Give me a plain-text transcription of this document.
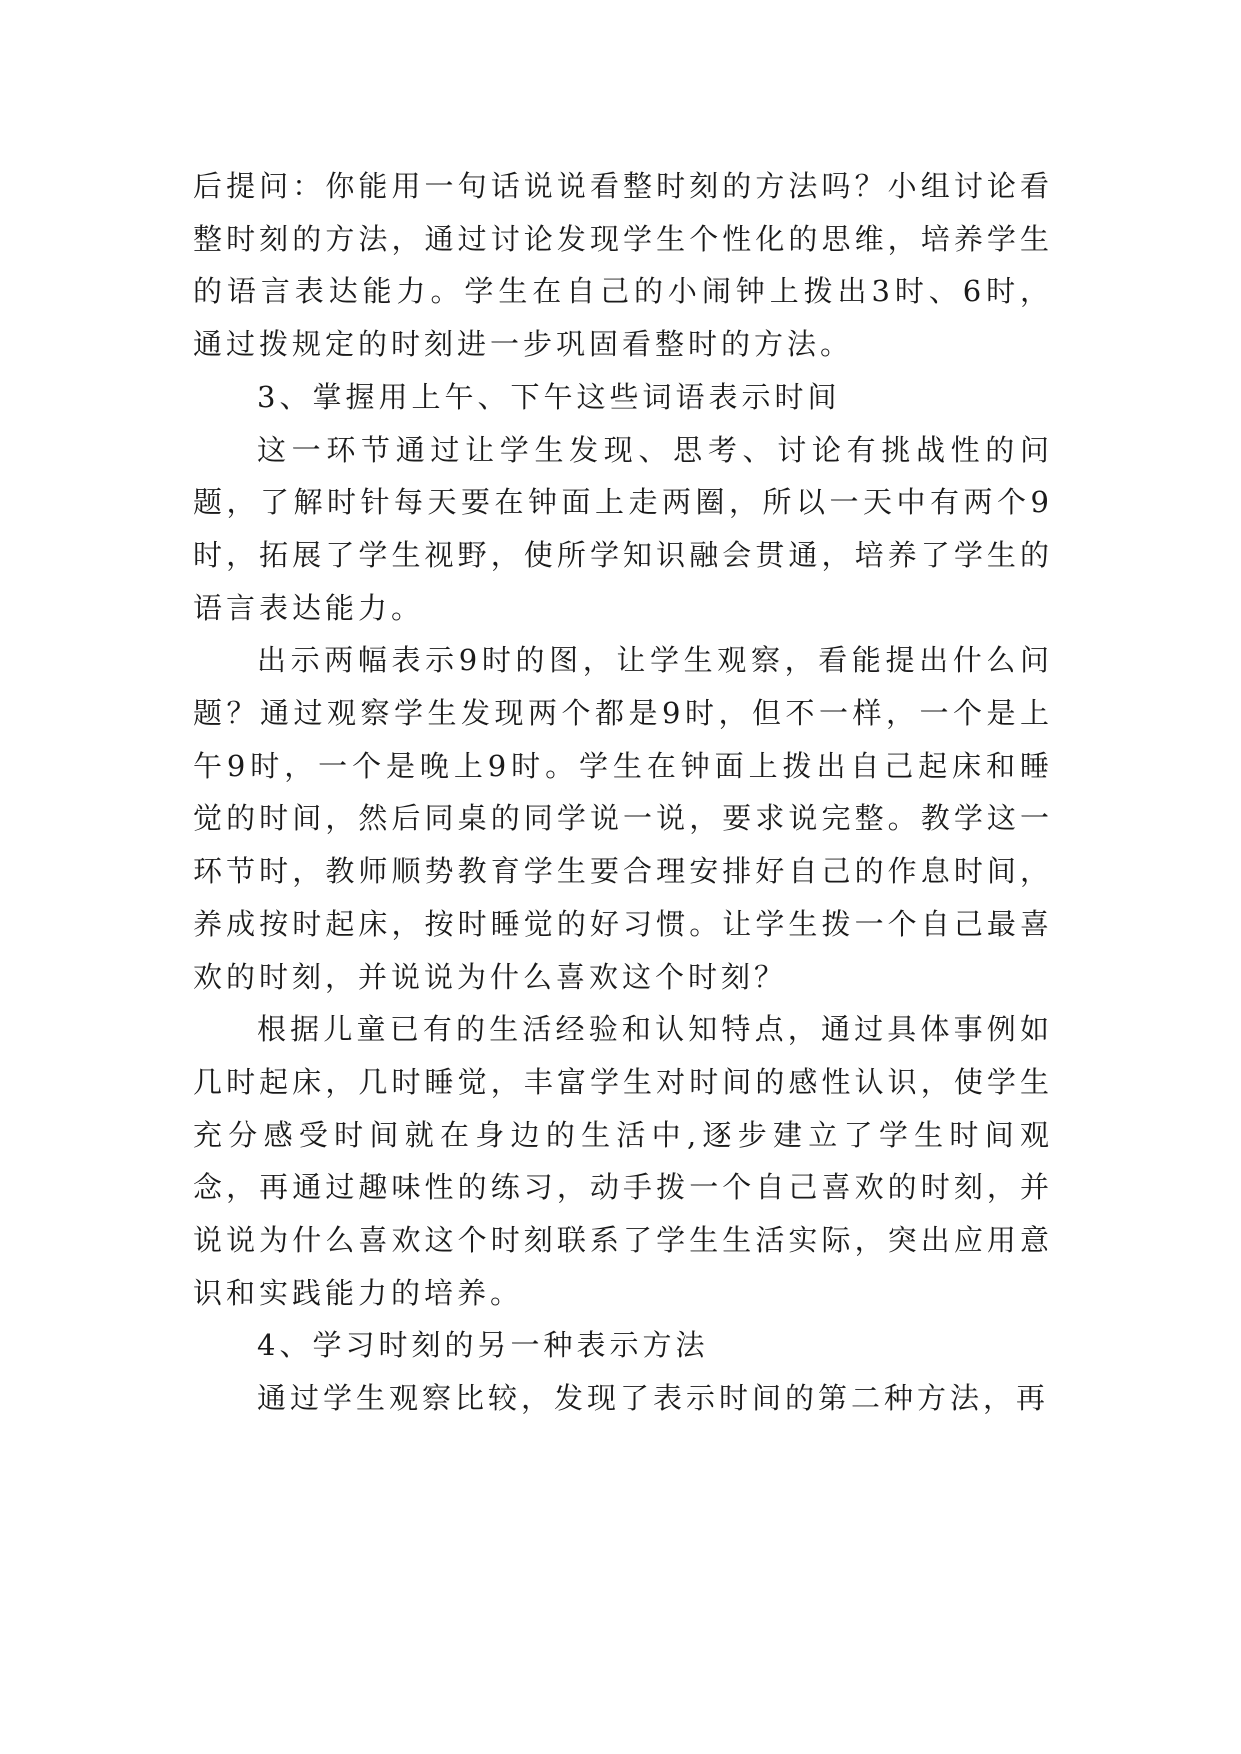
后提问：你能用一句话说说看整时刻的方法吗？小组讨论看整时刻的方法，通过讨论发现学生个性化的思维，培养学生的语言表达能力。学生在自己的小闹钟上拨出3时、6时，通过拨规定的时刻进一步巩固看整时的方法。

3、掌握用上午、下午这些词语表示时间

这一环节通过让学生发现、思考、讨论有挑战性的问题，了解时针每天要在钟面上走两圈，所以一天中有两个9时，拓展了学生视野，使所学知识融会贯通，培养了学生的语言表达能力。

出示两幅表示9时的图，让学生观察，看能提出什么问题？通过观察学生发现两个都是9时，但不一样，一个是上午9时，一个是晚上9时。学生在钟面上拨出自己起床和睡觉的时间，然后同桌的同学说一说，要求说完整。教学这一环节时，教师顺势教育学生要合理安排好自己的作息时间，养成按时起床，按时睡觉的好习惯。让学生拨一个自己最喜欢的时刻，并说说为什么喜欢这个时刻？

根据儿童已有的生活经验和认知特点，通过具体事例如几时起床，几时睡觉，丰富学生对时间的感性认识，使学生充分感受时间就在身边的生活中,逐步建立了学生时间观念，再通过趣味性的练习，动手拨一个自己喜欢的时刻，并说说为什么喜欢这个时刻联系了学生生活实际，突出应用意识和实践能力的培养。

4、学习时刻的另一种表示方法

通过学生观察比较，发现了表示时间的第二种方法，再
